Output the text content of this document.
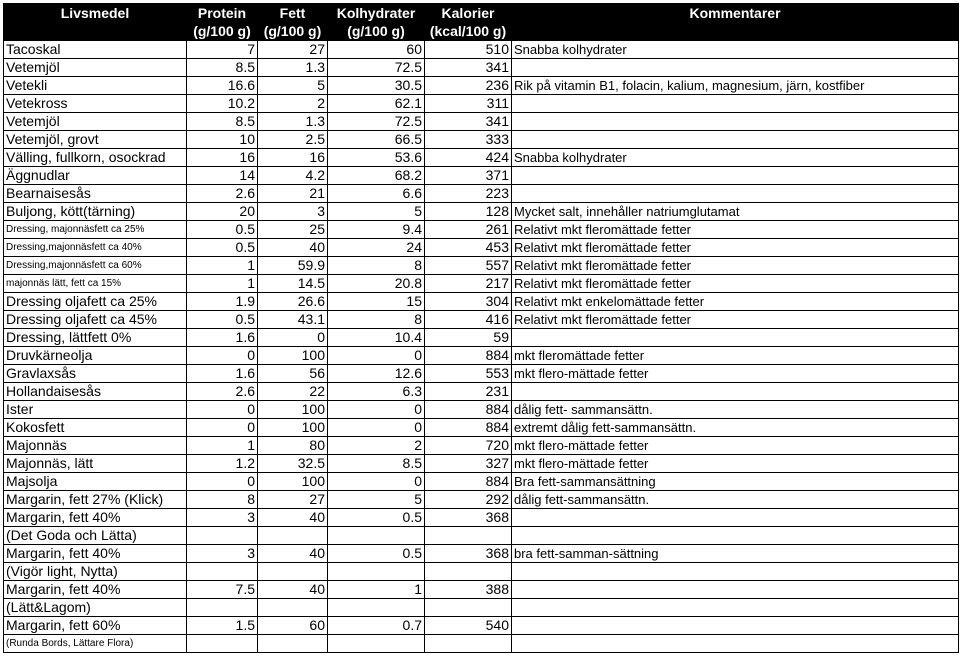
Livsmedel	Protein	Fett	Kolhydrater	Kalorier	Kommentarer
	(g/100 g)	(g/100 g)	(g/100 g)	(kcal/100 g)	
Tacoskal	7	27	60	510	Snabba kolhydrater
Vetemjöl	8.5	1.3	72.5	341	
Vetekli	16.6	5	30.5	236	Rik på vitamin B1, folacin, kalium, magnesium, järn, kostfiber
Vetekross	10.2	2	62.1	311	
Vetemjöl	8.5	1.3	72.5	341	
Vetemjöl, grovt	10	2.5	66.5	333	
Välling, fullkorn, osockrad	16	16	53.6	424	Snabba kolhydrater
Äggnudlar	14	4.2	68.2	371	
Bearnaisesås	2.6	21	6.6	223	
Buljong, kött(tärning)	20	3	5	128	Mycket salt, innehåller natriumglutamat
Dressing, majonnäsfett ca 25%	0.5	25	9.4	261	Relativt mkt fleromättade fetter
Dressing,majonnäsfett ca 40%	0.5	40	24	453	Relativt mkt fleromättade fetter
Dressing,majonnäsfett ca 60%	1	59.9	8	557	Relativt mkt fleromättade fetter
majonnäs lätt, fett ca 15%	1	14.5	20.8	217	Relativt mkt fleromättade fetter
Dressing oljafett ca 25%	1.9	26.6	15	304	Relativt mkt enkelomättade fetter
Dressing oljafett ca 45%	0.5	43.1	8	416	Relativt mkt fleromättade fetter
Dressing, lättfett 0%	1.6	0	10.4	59	
Druvkärneolja	0	100	0	884	mkt fleromättade fetter
Gravlaxsås	1.6	56	12.6	553	mkt flero-mättade fetter
Hollandaisesås	2.6	22	6.3	231	
Ister	0	100	0	884	dålig fett- sammansättn.
Kokosfett	0	100	0	884	extremt dålig fett-sammansättn.
Majonnäs	1	80	2	720	mkt flero-mättade fetter
Majonnäs, lätt	1.2	32.5	8.5	327	mkt flero-mättade fetter
Majsolja	0	100	0	884	Bra fett-sammansättning
Margarin, fett 27% (Klick)	8	27	5	292	dålig fett-sammansättn.
Margarin, fett 40%	3	40	0.5	368	
(Det Goda och Lätta)					
Margarin, fett 40%	3	40	0.5	368	bra fett-samman-sättning
(Vigör light, Nytta)					
Margarin, fett 40%	7.5	40	1	388	
(Lätt&Lagom)					
Margarin, fett 60%	1.5	60	0.7	540	
(Runda Bords, Lättare Flora)					
